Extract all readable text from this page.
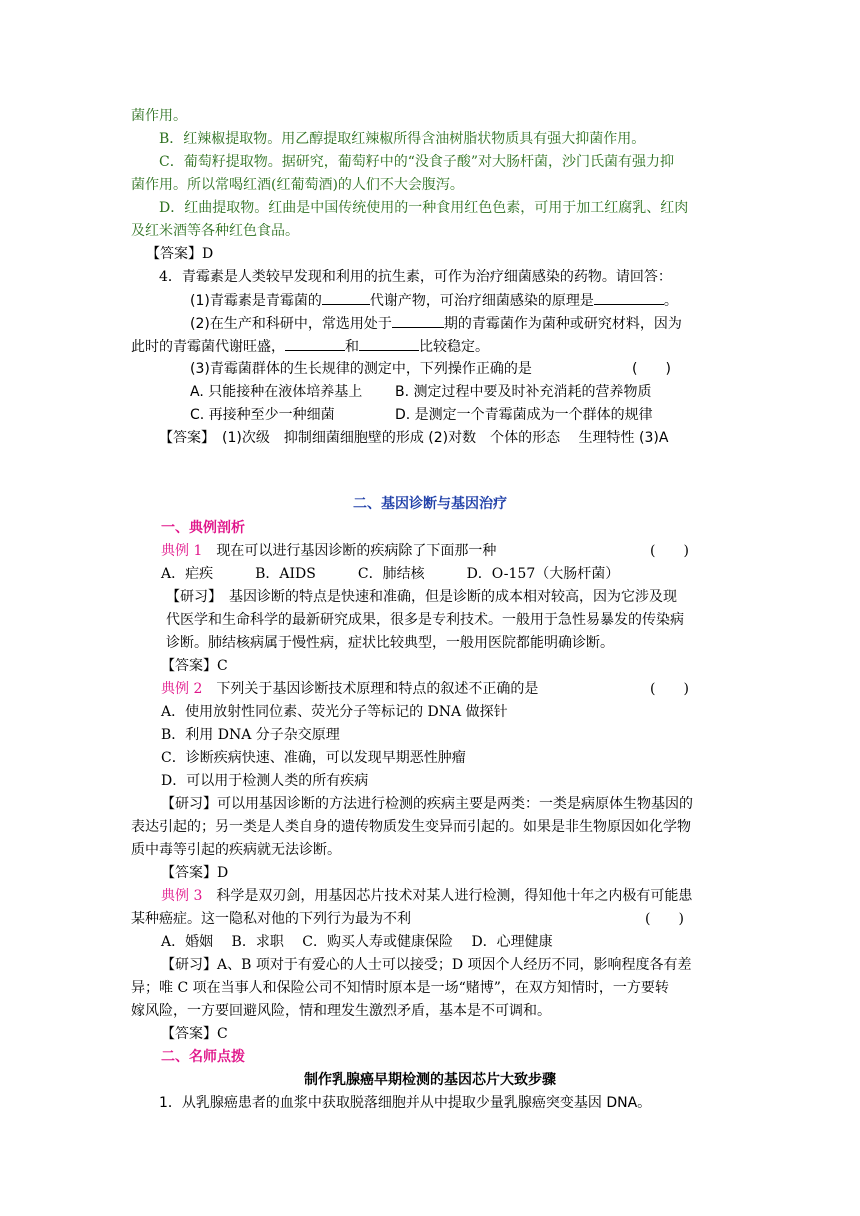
菌作用。
B．红辣椒提取物。用乙醇提取红辣椒所得含油树脂状物质具有强大抑菌作用。
C．葡萄籽提取物。据研究，葡萄籽中的“没食子酸”对大肠杆菌，沙门氏菌有强力抑
菌作用。所以常喝红酒(红葡萄酒)的人们不大会腹泻。
D．红曲提取物。红曲是中国传统使用的一种食用红色色素，可用于加工红腐乳、红肉
及红米酒等各种红色食品。
【答案】D
4．青霉素是人类较早发现和利用的抗生素，可作为治疗细菌感染的药物。请回答：
(1)青霉素是青霉菌的	代谢产物，可治疗细菌感染的原理是	。
(2)在生产和科研中，常选用处于	期的青霉菌作为菌种或研究材料，因为
此时的青霉菌代谢旺盛，	和	比较稳定。
(3)青霉菌群体的生长规律的测定中，下列操作正确的是	(　　)
A. 只能接种在液体培养基上 B. 测定过程中要及时补充消耗的营养物质
C. 再接种至少一种细菌	D. 是测定一个青霉菌成为一个群体的规律
【答案】　(1)次级　抑制细菌细胞壁的形成 (2)对数　个体的形态　 生理特性 (3)A
二、基因诊断与基因治疗
一、典例剖析
典例 1　现在可以进行基因诊断的疾病除了下面那一种	(　　)
A．疟疾　　　B．AIDS　　　C．肺结核　　　D．O-157（大肠杆菌）
【研习】　基因诊断的特点是快速和准确，但是诊断的成本相对较高，因为它涉及现
代医学和生命科学的最新研究成果，很多是专利技术。一般用于急性易暴发的传染病
诊断。肺结核病属于慢性病，症状比较典型，一般用医院都能明确诊断。
【答案】C
典例 2　下列关于基因诊断技术原理和特点的叙述不正确的是	(　　)
A．使用放射性同位素、荧光分子等标记的 DNA 做探针
B．利用 DNA 分子杂交原理
C．诊断疾病快速、准确，可以发现早期恶性肿瘤
D．可以用于检测人类的所有疾病
【研习】可以用基因诊断的方法进行检测的疾病主要是两类：一类是病原体生物基因的
表达引起的；另一类是人类自身的遗传物质发生变异而引起的。如果是非生物原因如化学物
质中毒等引起的疾病就无法诊断。
【答案】D
典例 3　科学是双刃剑，用基因芯片技术对某人进行检测，得知他十年之内极有可能患
某种癌症。这一隐私对他的下列行为最为不利	(　　)
A．婚姻　 B．求职　 C．购买人寿或健康保险　 D．心理健康
【研习】A、B 项对于有爱心的人士可以接受；D 项因个人经历不同，影响程度各有差
异；唯 C 项在当事人和保险公司不知情时原本是一场“赌博”，在双方知情时，一方要转
嫁风险，一方要回避风险，情和理发生激烈矛盾，基本是不可调和。
【答案】C
二、名师点拨
制作乳腺癌早期检测的基因芯片大致步骤
1．从乳腺癌患者的血浆中获取脱落细胞并从中提取少量乳腺癌突变基因 DNA。
